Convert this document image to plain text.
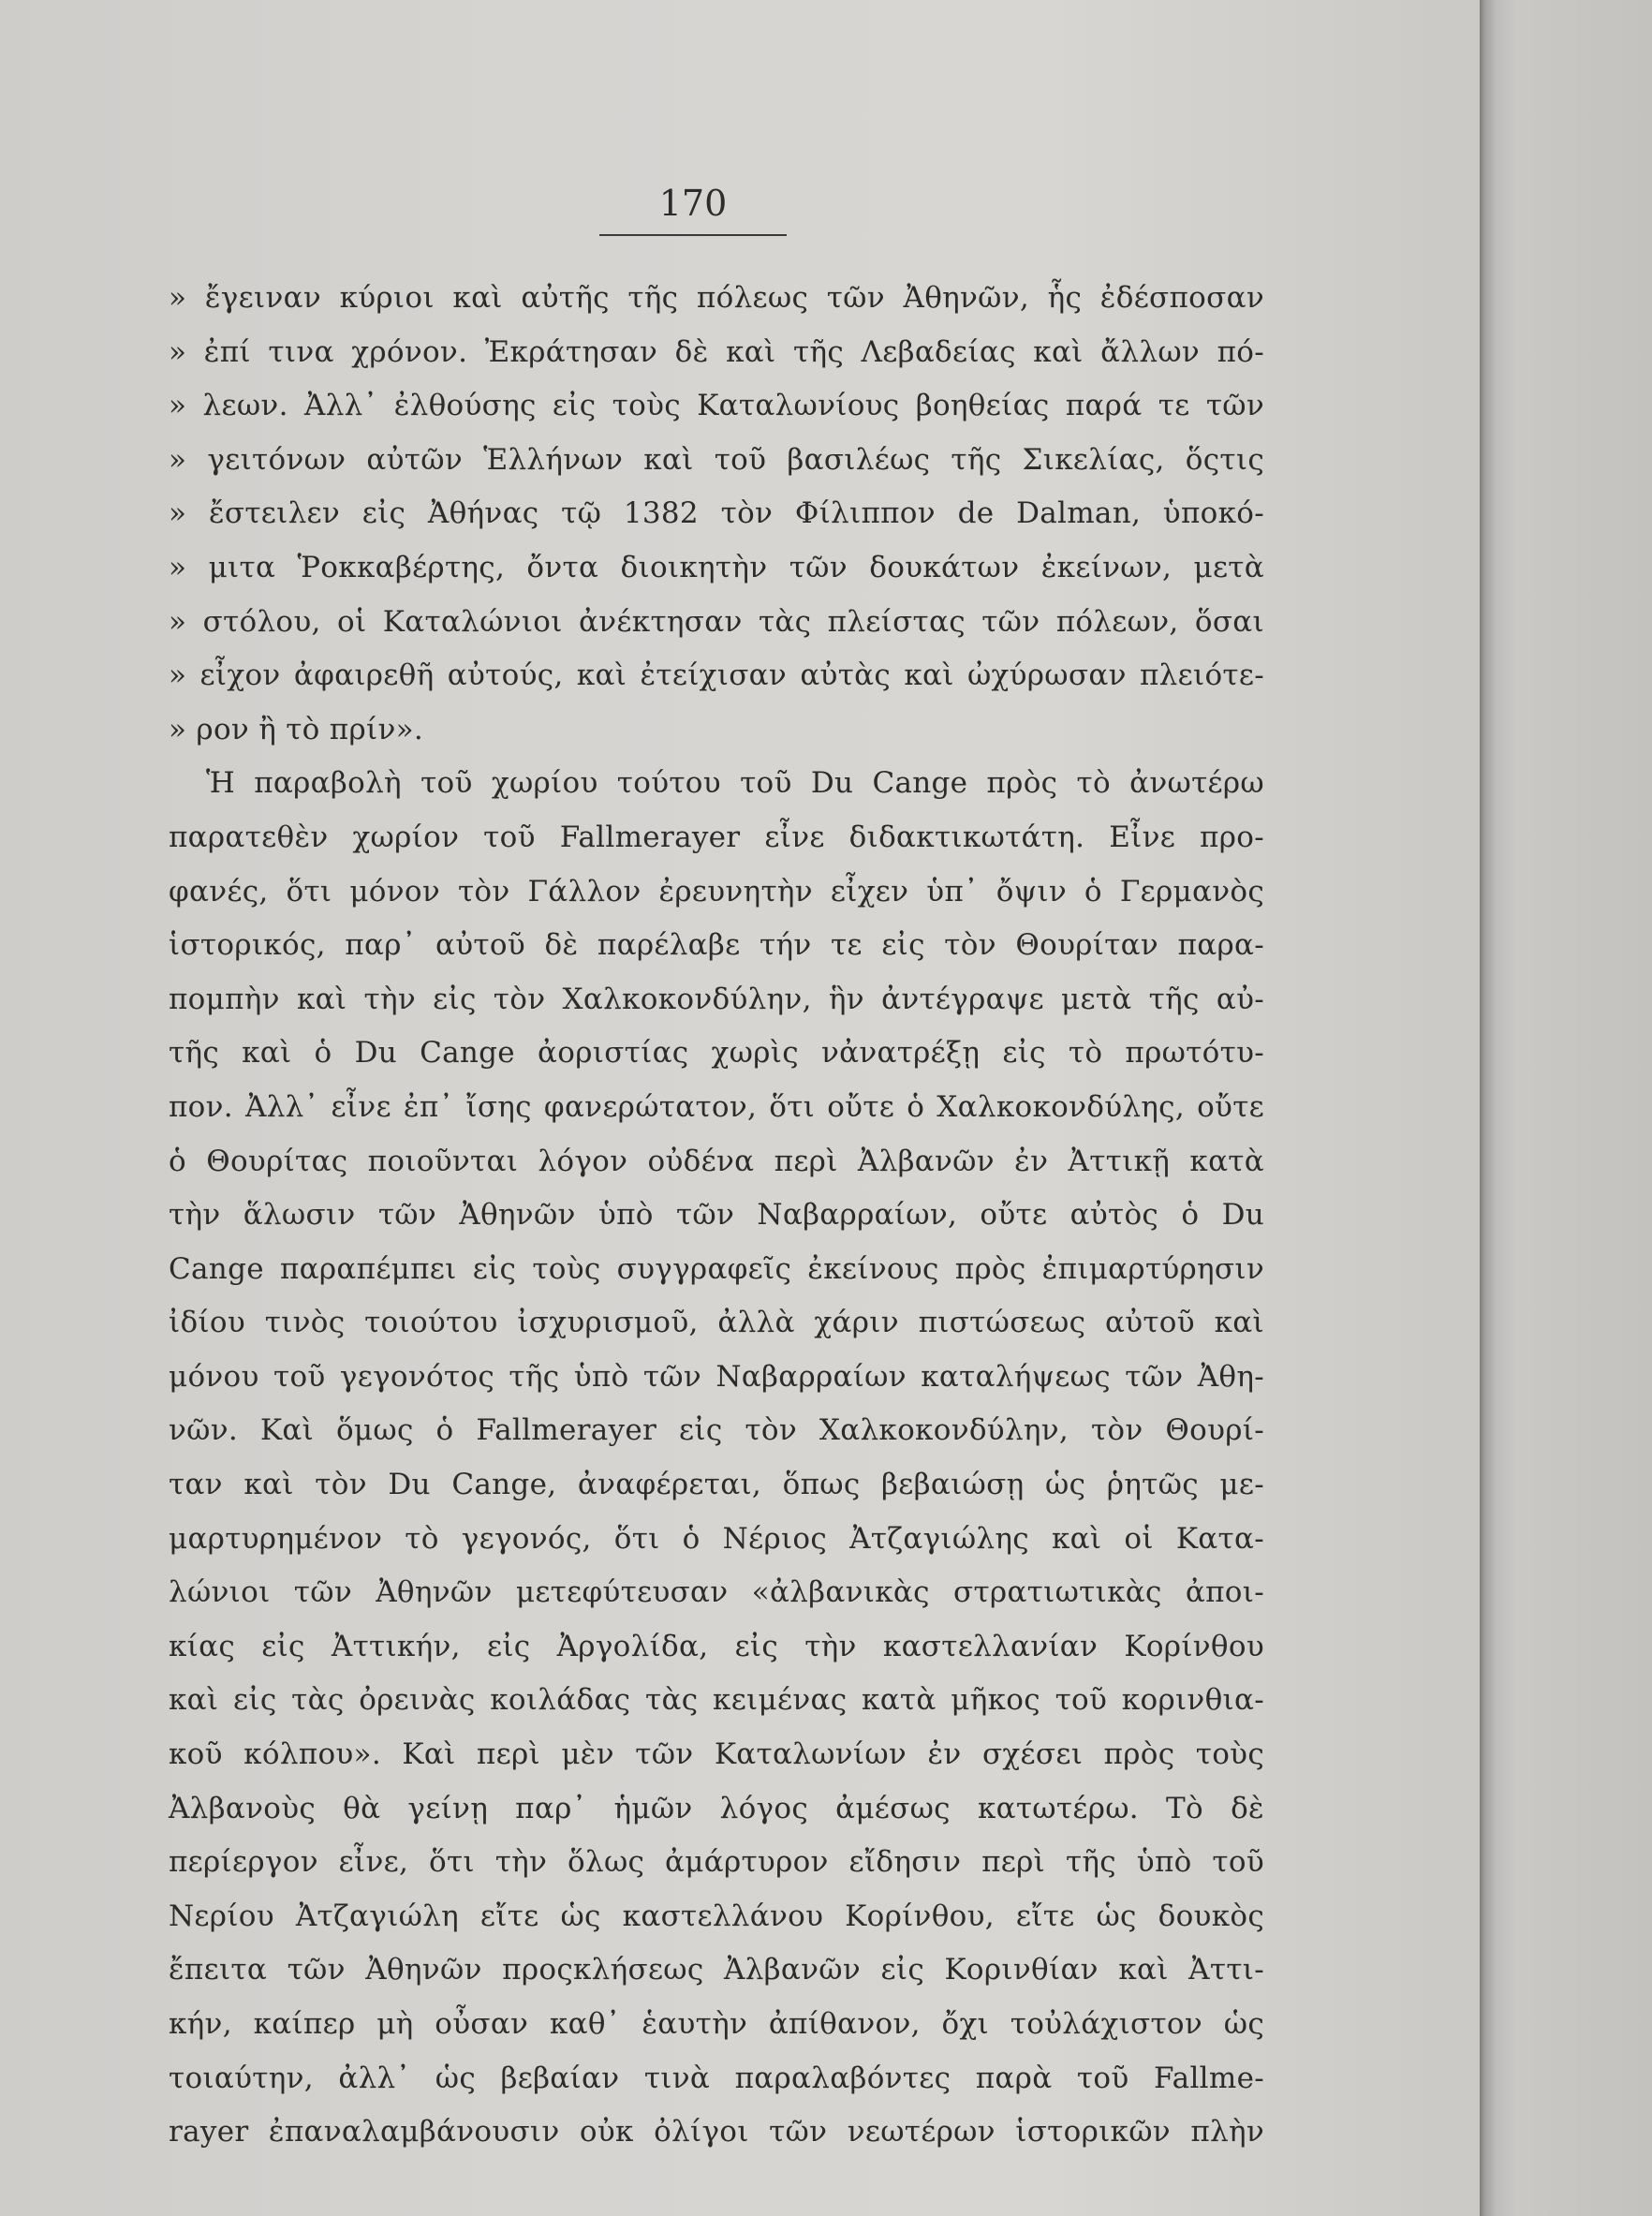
170
» ἔγειναν κύριοι καὶ αὐτῆς τῆς πόλεως τῶν Ἀθηνῶν, ἧς ἐδέσποσαν
» ἐπί τινα χρόνον. Ἐκράτησαν δὲ καὶ τῆς Λεβαδείας καὶ ἄλλων πό-
» λεων. Ἀλλ᾽ ἐλθούσης εἰς τοὺς Καταλωνίους βοηθείας παρά τε τῶν
» γειτόνων αὐτῶν Ἑλλήνων καὶ τοῦ βασιλέως τῆς Σικελίας, ὅςτις
» ἔστειλεν εἰς Ἀθήνας τῷ 1382 τὸν Φίλιππον de Dalman, ὑποκό-
» μιτα Ῥοκκαβέρτης, ὄντα διοικητὴν τῶν δουκάτων ἐκείνων, μετὰ
» στόλου, οἱ Καταλώνιοι ἀνέκτησαν τὰς πλείστας τῶν πόλεων, ὅσαι
» εἶχον ἀφαιρεθῆ αὐτούς, καὶ ἐτείχισαν αὐτὰς καὶ ὠχύρωσαν πλειότε-
» ρον ἢ τὸ πρίν».
Ἡ παραβολὴ τοῦ χωρίου τούτου τοῦ Du Cange πρὸς τὸ ἀνωτέρω
παρατεθὲν χωρίον τοῦ Fallmerayer εἶνε διδακτικωτάτη. Εἶνε προ-
φανές, ὅτι μόνον τὸν Γάλλον ἐρευνητὴν εἶχεν ὑπ᾽ ὄψιν ὁ Γερμανὸς
ἱστορικός, παρ᾽ αὐτοῦ δὲ παρέλαβε τήν τε εἰς τὸν Θουρίταν παρα-
πομπὴν καὶ τὴν εἰς τὸν Χαλκοκονδύλην, ἣν ἀντέγραψε μετὰ τῆς αὐ-
τῆς καὶ ὁ Du Cange ἀοριστίας χωρὶς νἀνατρέξῃ εἰς τὸ πρωτότυ-
πον. Ἀλλ᾽ εἶνε ἐπ᾽ ἴσης φανερώτατον, ὅτι οὔτε ὁ Χαλκοκονδύλης, οὔτε
ὁ Θουρίτας ποιοῦνται λόγον οὐδένα περὶ Ἀλβανῶν ἐν Ἀττικῇ κατὰ
τὴν ἅλωσιν τῶν Ἀθηνῶν ὑπὸ τῶν Ναβαρραίων, οὔτε αὐτὸς ὁ Du
Cange παραπέμπει εἰς τοὺς συγγραφεῖς ἐκείνους πρὸς ἐπιμαρτύρησιν
ἰδίου τινὸς τοιούτου ἰσχυρισμοῦ, ἀλλὰ χάριν πιστώσεως αὐτοῦ καὶ
μόνου τοῦ γεγονότος τῆς ὑπὸ τῶν Ναβαρραίων καταλήψεως τῶν Ἀθη-
νῶν. Καὶ ὅμως ὁ Fallmerayer εἰς τὸν Χαλκοκονδύλην, τὸν Θουρί-
ταν καὶ τὸν Du Cange, ἀναφέρεται, ὅπως βεβαιώσῃ ὡς ῥητῶς με-
μαρτυρημένον τὸ γεγονός, ὅτι ὁ Νέριος Ἀτζαγιώλης καὶ οἱ Κατα-
λώνιοι τῶν Ἀθηνῶν μετεφύτευσαν «ἀλβανικὰς στρατιωτικὰς ἀποι-
κίας εἰς Ἀττικήν, εἰς Ἀργολίδα, εἰς τὴν καστελλανίαν Κορίνθου
καὶ εἰς τὰς ὀρεινὰς κοιλάδας τὰς κειμένας κατὰ μῆκος τοῦ κορινθια-
κοῦ κόλπου». Καὶ περὶ μὲν τῶν Καταλωνίων ἐν σχέσει πρὸς τοὺς
Ἀλβανοὺς θὰ γείνῃ παρ᾽ ἡμῶν λόγος ἀμέσως κατωτέρω. Τὸ δὲ
περίεργον εἶνε, ὅτι τὴν ὅλως ἀμάρτυρον εἴδησιν περὶ τῆς ὑπὸ τοῦ
Νερίου Ἀτζαγιώλη εἴτε ὡς καστελλάνου Κορίνθου, εἴτε ὡς δουκὸς
ἔπειτα τῶν Ἀθηνῶν προςκλήσεως Ἀλβανῶν εἰς Κορινθίαν καὶ Ἀττι-
κήν, καίπερ μὴ οὖσαν καθ᾽ ἑαυτὴν ἀπίθανον, ὄχι τοὐλάχιστον ὡς
τοιαύτην, ἀλλ᾽ ὡς βεβαίαν τινὰ παραλαβόντες παρὰ τοῦ Fallme-
rayer ἐπαναλαμβάνουσιν οὐκ ὀλίγοι τῶν νεωτέρων ἱστορικῶν πλὴν
